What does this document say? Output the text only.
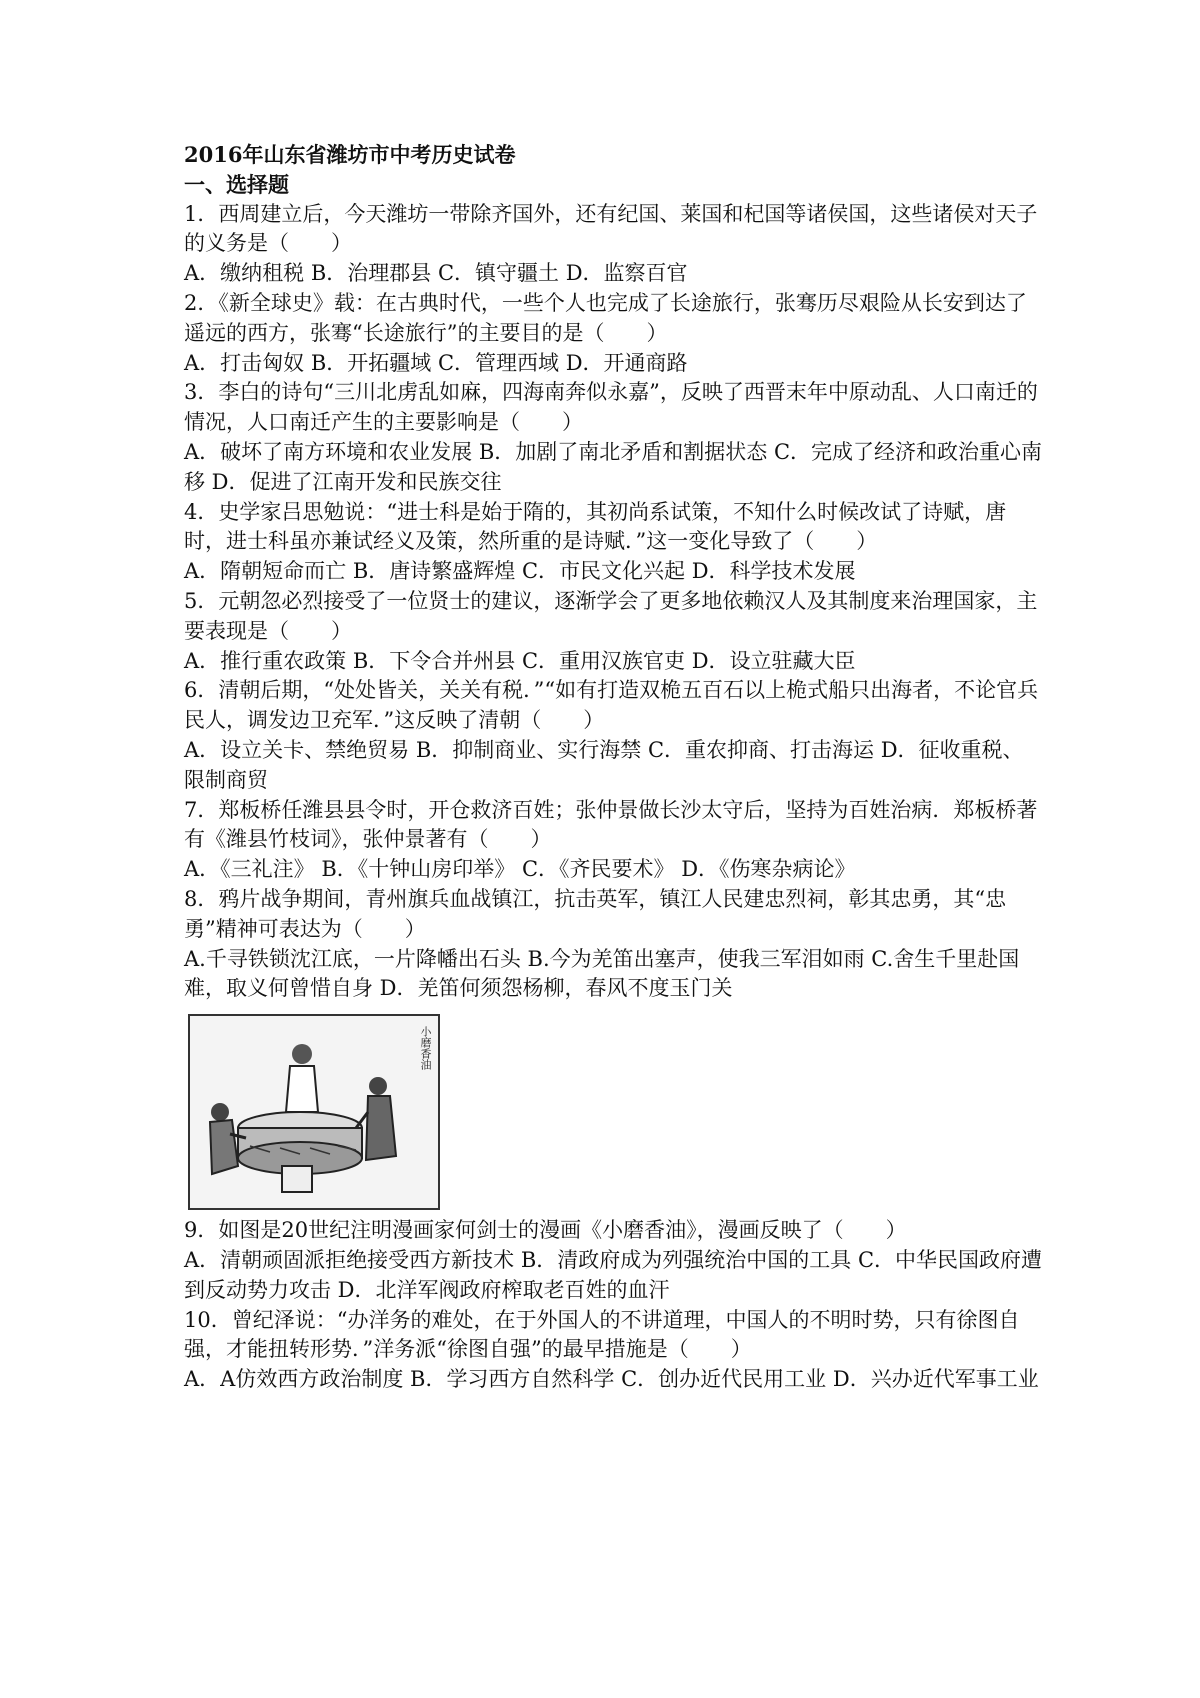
2016年山东省潍坊市中考历史试卷
一、选择题
1．西周建立后，今天潍坊一带除齐国外，还有纪国、莱国和杞国等诸侯国，这些诸侯对天子的义务是（　　）
A．缴纳租税 B．治理郡县 C．镇守疆土 D．监察百官
2．《新全球史》载：在古典时代，一些个人也完成了长途旅行，张骞历尽艰险从长安到达了遥远的西方，张骞“长途旅行”的主要目的是（　　）
A．打击匈奴 B．开拓疆域 C．管理西域 D．开通商路
3．李白的诗句“三川北虏乱如麻，四海南奔似永嘉”，反映了西晋末年中原动乱、人口南迁的情况，人口南迁产生的主要影响是（　　）
A．破坏了南方环境和农业发展 B．加剧了南北矛盾和割据状态 C．完成了经济和政治重心南移 D．促进了江南开发和民族交往
4．史学家吕思勉说：“进士科是始于隋的，其初尚系试策，不知什么时候改试了诗赋，唐时，进士科虽亦兼试经义及策，然所重的是诗赋．”这一变化导致了（　　）
A．隋朝短命而亡 B．唐诗繁盛辉煌 C．市民文化兴起 D．科学技术发展
5．元朝忽必烈接受了一位贤士的建议，逐渐学会了更多地依赖汉人及其制度来治理国家，主要表现是（　　）
A．推行重农政策 B．下令合并州县 C．重用汉族官吏 D．设立驻藏大臣
6．清朝后期，“处处皆关，关关有税．”“如有打造双桅五百石以上桅式船只出海者，不论官兵民人，调发边卫充军．”这反映了清朝（　　）
A．设立关卡、禁绝贸易 B．抑制商业、实行海禁 C．重农抑商、打击海运 D．征收重税、限制商贸
7．郑板桥任潍县县令时，开仓救济百姓；张仲景做长沙太守后，坚持为百姓治病．郑板桥著有《潍县竹枝词》，张仲景著有（　　）
A．《三礼注》 B．《十钟山房印举》 C．《齐民要术》 D．《伤寒杂病论》
8．鸦片战争期间，青州旗兵血战镇江，抗击英军，镇江人民建忠烈祠，彰其忠勇，其“忠勇”精神可表达为（　　）
A.千寻铁锁沈江底，一片降幡出石头 B.今为羌笛出塞声，使我三军泪如雨 C.舍生千里赴国难，取义何曾惜自身 D．羌笛何须怨杨柳，春风不度玉门关
小磨香油
9．如图是20世纪注明漫画家何剑士的漫画《小磨香油》，漫画反映了（　　）
A．清朝顽固派拒绝接受西方新技术 B．清政府成为列强统治中国的工具 C．中华民国政府遭到反动势力攻击 D．北洋军阀政府榨取老百姓的血汗
10．曾纪泽说：“办洋务的难处，在于外国人的不讲道理，中国人的不明时势，只有徐图自强，才能扭转形势．”洋务派“徐图自强”的最早措施是（　　）
A．A仿效西方政治制度 B．学习西方自然科学 C．创办近代民用工业 D．兴办近代军事工业
